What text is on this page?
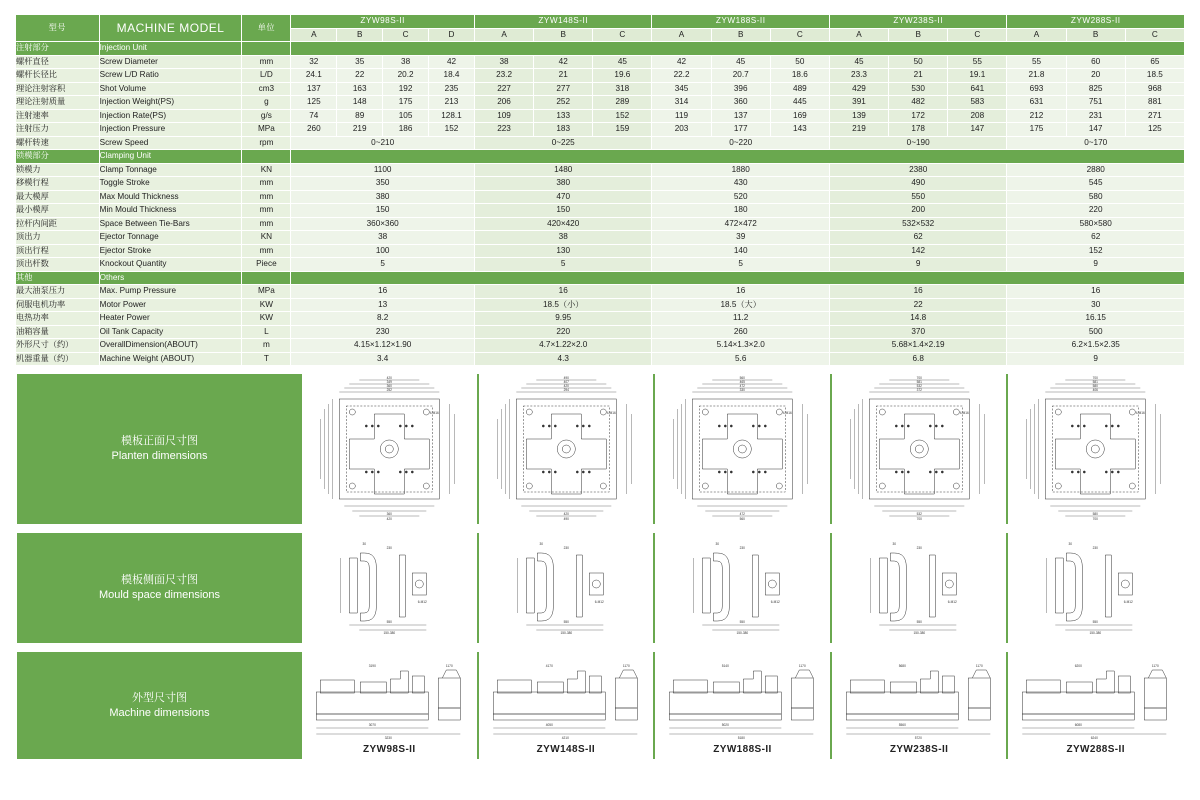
型号	MACHINE MODEL	单位	ZYW98S-II				ZYW148S-II			ZYW188S-II			ZYW238S-II			ZYW288S-II		
			A	B	C	D	A	B	C	A	B	C	A	B	C	A	B	C
注射部分	Injection Unit																	
螺杆直径	Screw Diameter	mm	32	35	38	42	38	42	45	42	45	50	45	50	55	55	60	65
螺杆长径比	Screw L/D Ratio	L/D	24.1	22	20.2	18.4	23.2	21	19.6	22.2	20.7	18.6	23.3	21	19.1	21.8	20	18.5
理论注射容积	Shot Volume	cm3	137	163	192	235	227	277	318	345	396	489	429	530	641	693	825	968
理论注射质量	Injection Weight(PS)	g	125	148	175	213	206	252	289	314	360	445	391	482	583	631	751	881
注射速率	Injection Rate(PS)	g/s	74	89	105	128.1	109	133	152	119	137	169	139	172	208	212	231	271
注射压力	Injection Pressure	MPa	260	219	186	152	223	183	159	203	177	143	219	178	147	175	147	125
螺杆转速	Screw Speed	rpm	0~210				0~225			0~220			0~190			0~170		
锁模部分	Clamping Unit																	
锁模力	Clamp Tonnage	KN	1100				1480			1880			2380			2880		
移模行程	Toggle Stroke	mm	350				380			430			490			545		
最大模厚	Max Mould Thickness	mm	380				470			520			550			580		
最小模厚	Min Mould Thickness	mm	150				150			180			200			220		
拉杆内间距	Space Between Tie-Bars	mm	360×360				420×420			472×472			532×532			580×580		
顶出力	Ejector Tonnage	KN	38				38			39			62			62		
顶出行程	Ejector Stroke	mm	100				130			140			142			152		
顶出杆数	Knockout Quantity	Piece	5				5			5			9			9		
其他	Others																	
最大油泵压力	Max. Pump Pressure	MPa	16				16			16			16			16		
伺服电机功率	Motor Power	KW	13				18.5（小）			18.5（大）			22			30		
电热功率	Heater Power	KW	8.2				9.95			11.2			14.8			16.15		
油箱容量	Oil Tank Capacity	L	230				220			260			370			500		
外形尺寸（约）	OverallDimension(ABOUT)	m	4.15×1.12×1.90				4.7×1.22×2.0			5.14×1.3×2.0			5.68×1.4×2.19			6.2×1.5×2.35		
机器重量（约）	Machine Weight (ABOUT)	T	3.4				4.3			5.6			6.8			9		
模板正面尺寸图
Planten dimensions
420
349
360
252
420
360
4-M16
490
407
420
294
490
420
4-M16
560
465
472
330
560
472
4-M16
700
581
532
372
700
532
4-M16
700
581
580
406
700
580
4-M16
模板侧面尺寸图
Mould space dimensions
230
30
550
150-380
6-M12
230
30
550
150-380
6-M12
230
30
550
150-380
6-M12
230
30
550
150-380
6-M12
230
30
550
150-380
6-M12
外型尺寸图
Machine dimensions
3190	1170
3070
3230
ZYW98S-II
4170	1170
4050
4210
ZYW148S-II
5140	1170
5020
5180
ZYW188S-II
5680	1170
5560
5720
ZYW238S-II
6200	1170
6080
6240
ZYW288S-II
